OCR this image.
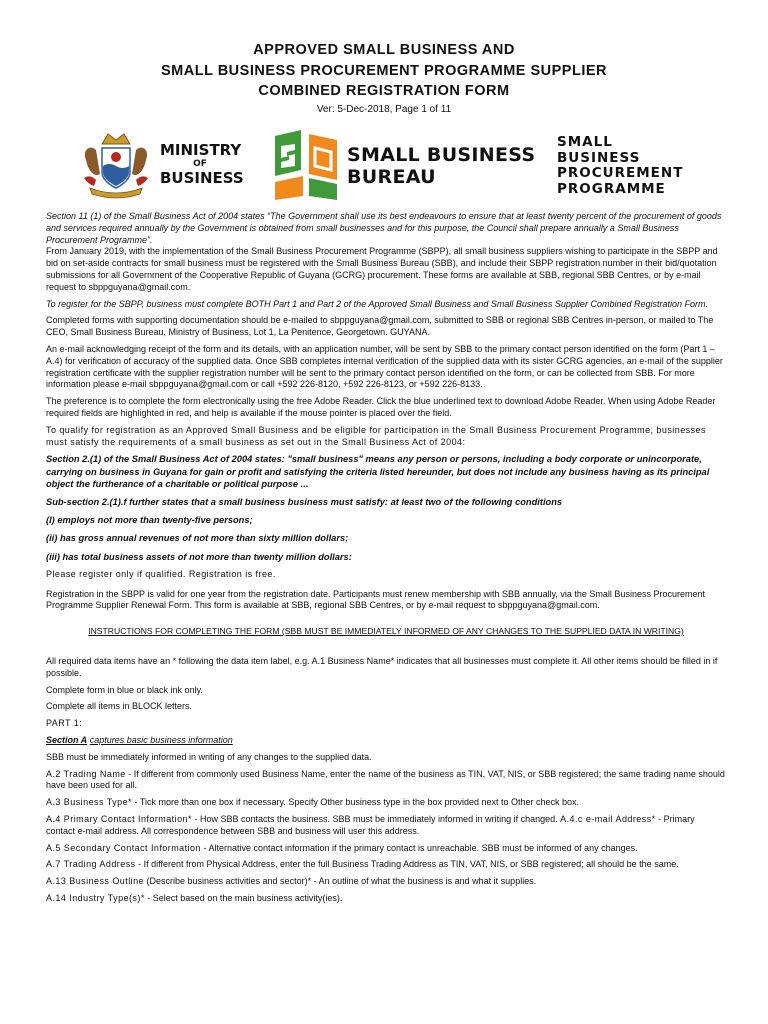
APPROVED SMALL BUSINESS AND
SMALL BUSINESS PROCUREMENT PROGRAMME SUPPLIER
COMBINED REGISTRATION FORM
Ver: 5-Dec-2018, Page 1 of 11
MINISTRY
OF
BUSINESS
SMALL BUSINESS
BUREAU
SMALL
BUSINESS
PROCUREMENT
PROGRAMME

Section 11 (1) of the Small Business Act of 2004 states “The Government shall use its best endeavours to ensure that at least twenty percent of the procurement of goods and services required annually by the Government is obtained from small businesses and for this purpose, the Council shall prepare annually a Small Business Procurement Programme”.

From January 2019, with the implementation of the Small Business Procurement Programme (SBPP), all small business suppliers wishing to participate in the SBPP and bid on set-aside contracts for small business must be registered with the Small Business Bureau (SBB), and include their SBPP registration number in their bid/quotation submissions for all Government of the Cooperative Republic of Guyana (GCRG) procurement. These forms are available at SBB, regional SBB Centres, or by e-mail request to sbppguyana@gmail.com.

To register for the SBPP, business must complete BOTH Part 1 and Part 2 of the Approved Small Business and Small Business Supplier Combined Registration Form.

Completed forms with supporting documentation should be e-mailed to sbppguyana@gmail.com, submitted to SBB or regional SBB Centres in-person, or mailed to The CEO, Small Business Bureau, Ministry of Business, Lot 1, La Penitence, Georgetown. GUYANA.

An e-mail acknowledging receipt of the form and its details, with an application number, will be sent by SBB to the primary contact person identified on the form (Part 1 – A.4) for verification of accuracy of the supplied data. Once SBB completes internal verification of the supplied data with its sister GCRG agencies, an e-mail of the supplier registration certificate with the supplier registration number will be sent to the primary contact person identified on the form, or can be collected from SBB. For more information please e-mail sbppguyana@gmail.com or call +592 226-8120, +592 226-8123, or +592 226-8133.

The preference is to complete the form electronically using the free Adobe Reader. Click the blue underlined text to download Adobe Reader. When using Adobe Reader required fields are highlighted in red, and help is available if the mouse pointer is placed over the field.

To qualify for registration as an Approved Small Business and be eligible for participation in the Small Business Procurement Programme, businesses must satisfy the requirements of a small business as set out in the Small Business Act of 2004:

Section 2.(1) of the Small Business Act of 2004 states: "small business" means any person or persons, including a body corporate or unincorporate, carrying on business in Guyana for gain or profit and satisfying the criteria listed hereunder, but does not include any business having as its principal object the furtherance of a charitable or political purpose ...

Sub-section 2.(1).f further states that a small business business must satisfy: at least two of the following conditions

(I) employs not more than twenty-five persons;

(ii) has gross annual revenues of not more than sixty million dollars;

(iii) has total business assets of not more than twenty million dollars:

Please register only if qualified. Registration is free.

Registration in the SBPP is valid for one year from the registration date. Participants must renew membership with SBB annually, via the Small Business Procurement Programme Supplier Renewal Form. This form is available at SBB, regional SBB Centres, or by e-mail request to sbppguyana@gmail.com.

INSTRUCTIONS FOR COMPLETING THE FORM (SBB MUST BE IMMEDIATELY INFORMED OF ANY CHANGES TO THE SUPPLIED DATA IN WRITING)

All required data items have an * following the data item label, e.g. A.1 Business Name* indicates that all businesses must complete it. All other items should be filled in if possible.

Complete form in blue or black ink only.

Complete all items in BLOCK letters.

PART 1:

Section A captures basic business information

SBB must be immediately informed in writing of any changes to the supplied data.

A.2 Trading Name - If different from commonly used Business Name, enter the name of the business as TIN, VAT, NIS, or SBB registered; the same trading name should have been used for all.

A.3 Business Type* - Tick more than one box if necessary. Specify Other business type in the box provided next to Other check box.

A.4 Primary Contact Information* - How SBB contacts the business. SBB must be immediately informed in writing if changed. A.4.c e-mail Address* - Primary contact e-mail address. All correspondence between SBB and business will user this address.

A.5 Secondary Contact Information - Alternative contact information if the primary contact is unreachable. SBB must be informed of any changes.

A.7 Trading Address - If different from Physical Address, enter the full Business Trading Address as TIN, VAT, NIS, or SBB registered; all should be the same.

A.13 Business Outline (Describe business activities and sector)* - An outline of what the business is and what it supplies.

A.14 Industry Type(s)* - Select based on the main business activity(ies).
